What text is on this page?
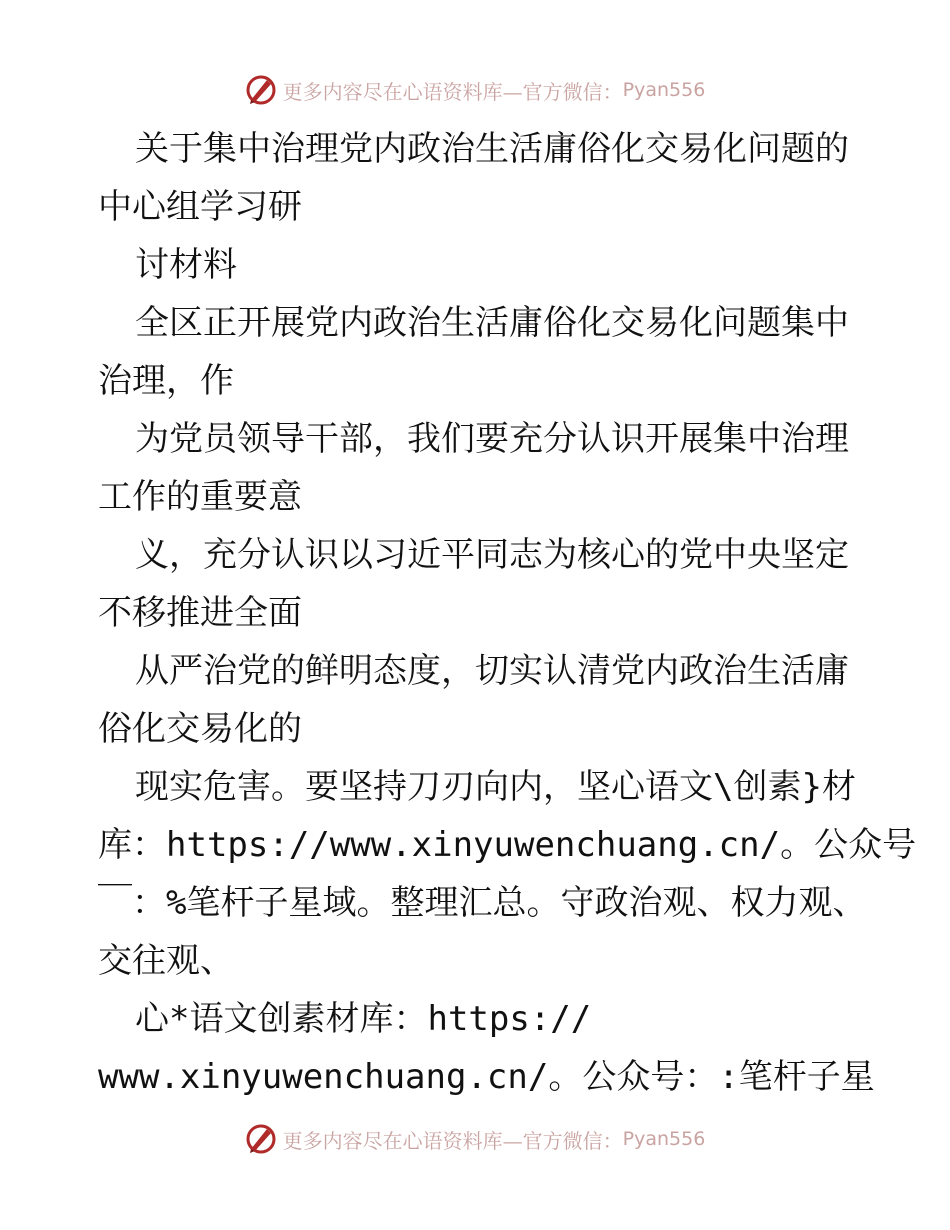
更多内容尽在心语资料库—官方微信： Pyan556
关于集中治理党内政治生活庸俗化交易化问题的
中心组学习研
讨材料
全区正开展党内政治生活庸俗化交易化问题集中
治理，作
为党员领导干部，我们要充分认识开展集中治理
工作的重要意
义，充分认识以习近平同志为核心的党中央坚定
不移推进全面
从严治党的鲜明态度，切实认清党内政治生活庸
俗化交易化的
现实危害。要坚持刀刃向内，坚心语文\创素}材
库：https://www.xinyuwenchuang.cn/。公众号
￣：%笔杆子星域。整理汇总。守政治观、权力观、
交往观、
心*语文创素材库：https://
www.xinyuwenchuang.cn/。公众号：:笔杆子星
更多内容尽在心语资料库—官方微信： Pyan556
